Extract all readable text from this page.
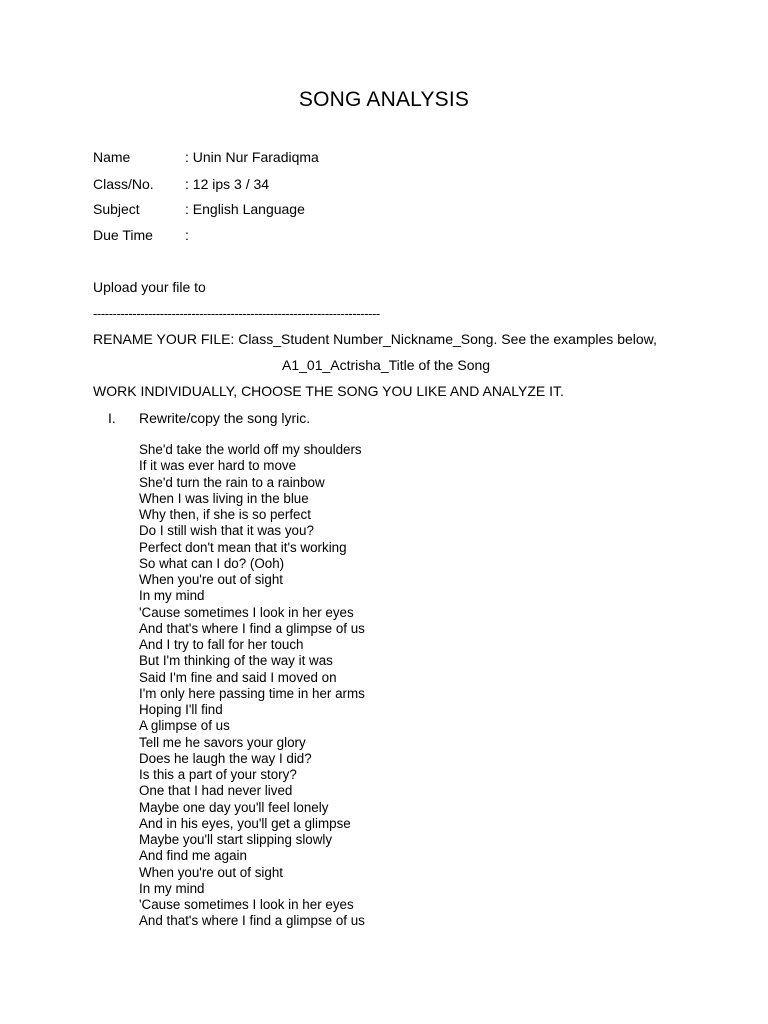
SONG ANALYSIS
Name	: Unin Nur Faradiqma
Class/No. : 12 ips 3 / 34
Subject	: English Language
Due Time :
Upload your file to
-------------------------------------------------------------------------
RENAME YOUR FILE: Class_Student Number_Nickname_Song. See the examples below,
A1_01_Actrisha_Title of the Song
WORK INDIVIDUALLY, CHOOSE THE SONG YOU LIKE AND ANALYZE IT.
I. Rewrite/copy the song lyric.
She'd take the world off my shoulders
If it was ever hard to move
She'd turn the rain to a rainbow
When I was living in the blue
Why then, if she is so perfect
Do I still wish that it was you?
Perfect don't mean that it's working
So what can I do? (Ooh)
When you're out of sight
In my mind
'Cause sometimes I look in her eyes
And that's where I find a glimpse of us
And I try to fall for her touch
But I'm thinking of the way it was
Said I'm fine and said I moved on
I'm only here passing time in her arms
Hoping I'll find
A glimpse of us
Tell me he savors your glory
Does he laugh the way I did?
Is this a part of your story?
One that I had never lived
Maybe one day you'll feel lonely
And in his eyes, you'll get a glimpse
Maybe you'll start slipping slowly
And find me again
When you're out of sight
In my mind
'Cause sometimes I look in her eyes
And that's where I find a glimpse of us
